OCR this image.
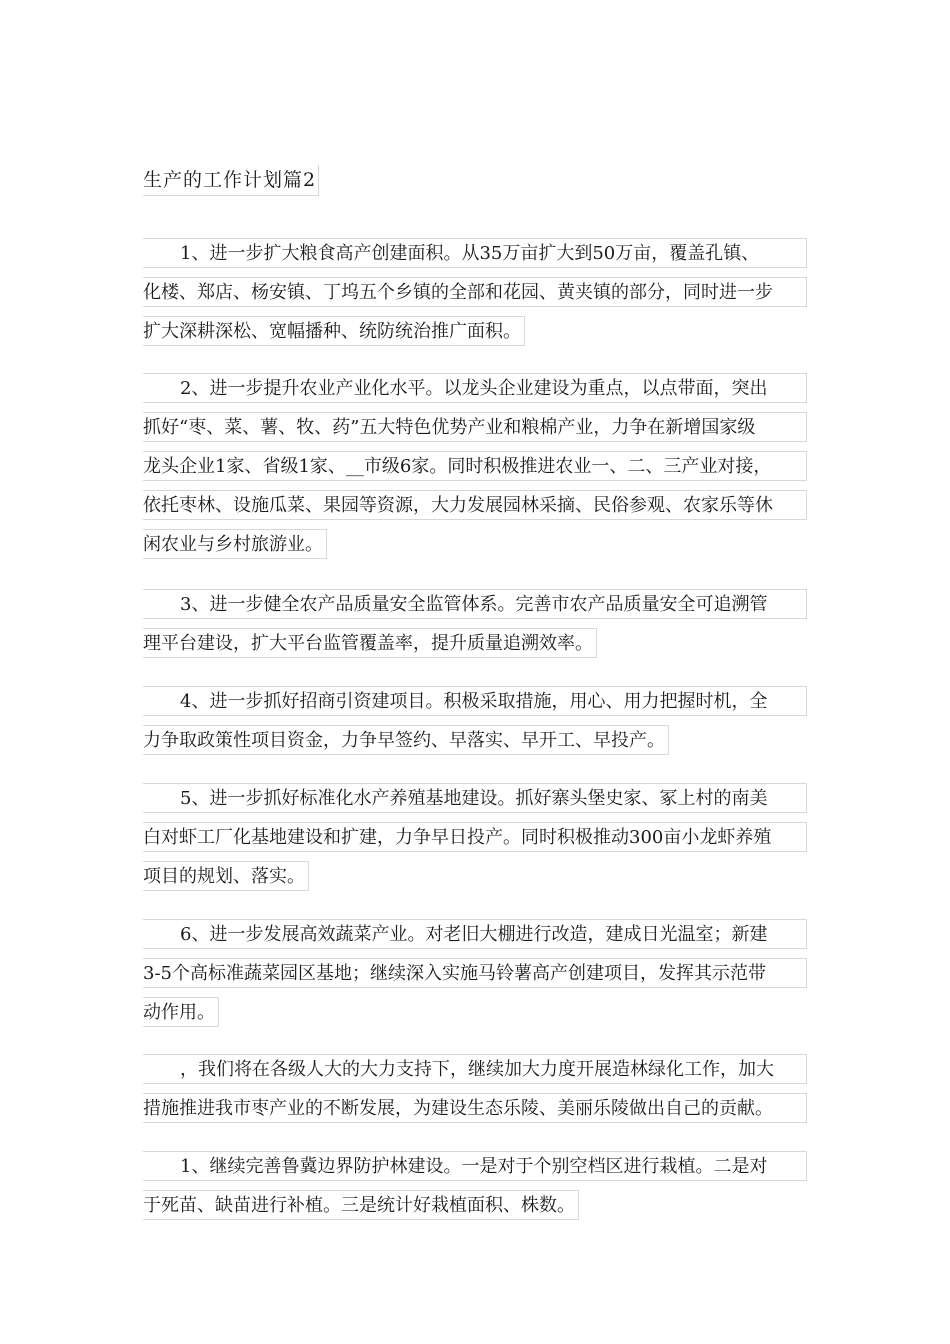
生产的工作计划篇2
1、进一步扩大粮食高产创建面积。从35万亩扩大到50万亩，覆盖孔镇、
化楼、郑店、杨安镇、丁坞五个乡镇的全部和花园、黄夹镇的部分，同时进一步
扩大深耕深松、宽幅播种、统防统治推广面积。
2、进一步提升农业产业化水平。以龙头企业建设为重点，以点带面，突出
抓好“枣、菜、薯、牧、药”五大特色优势产业和粮棉产业，力争在新增国家级
龙头企业1家、省级1家、__市级6家。同时积极推进农业一、二、三产业对接，
依托枣林、设施瓜菜、果园等资源，大力发展园林采摘、民俗参观、农家乐等休
闲农业与乡村旅游业。
3、进一步健全农产品质量安全监管体系。完善市农产品质量安全可追溯管
理平台建设，扩大平台监管覆盖率，提升质量追溯效率。
4、进一步抓好招商引资建项目。积极采取措施，用心、用力把握时机，全
力争取政策性项目资金，力争早签约、早落实、早开工、早投产。
5、进一步抓好标准化水产养殖基地建设。抓好寨头堡史家、冢上村的南美
白对虾工厂化基地建设和扩建，力争早日投产。同时积极推动300亩小龙虾养殖
项目的规划、落实。
6、进一步发展高效蔬菜产业。对老旧大棚进行改造，建成日光温室；新建
3-5个高标准蔬菜园区基地；继续深入实施马铃薯高产创建项目，发挥其示范带
动作用。
，我们将在各级人大的大力支持下，继续加大力度开展造林绿化工作，加大
措施推进我市枣产业的不断发展，为建设生态乐陵、美丽乐陵做出自己的贡献。
1、继续完善鲁冀边界防护林建设。一是对于个别空档区进行栽植。二是对
于死苗、缺苗进行补植。三是统计好栽植面积、株数。
